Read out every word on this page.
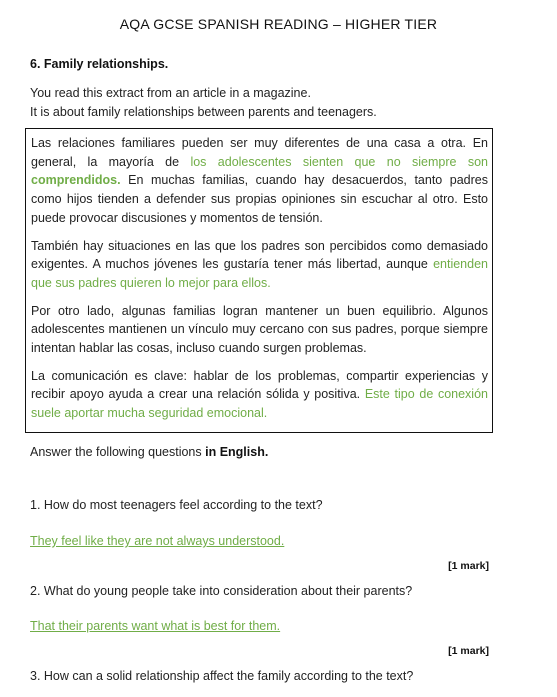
AQA GCSE SPANISH READING – HIGHER TIER
6. Family relationships.
You read this extract from an article in a magazine.
It is about family relationships between parents and teenagers.

Las relaciones familiares pueden ser muy diferentes de una casa a otra. En general, la mayoría de los adolescentes sienten que no siempre son comprendidos. En muchas familias, cuando hay desacuerdos, tanto padres como hijos tienden a defender sus propias opiniones sin escuchar al otro. Esto puede provocar discusiones y momentos de tensión.

También hay situaciones en las que los padres son percibidos como demasiado exigentes. A muchos jóvenes les gustaría tener más libertad, aunque entienden que sus padres quieren lo mejor para ellos.

Por otro lado, algunas familias logran mantener un buen equilibrio. Algunos adolescentes mantienen un vínculo muy cercano con sus padres, porque siempre intentan hablar las cosas, incluso cuando surgen problemas.

La comunicación es clave: hablar de los problemas, compartir experiencias y recibir apoyo ayuda a crear una relación sólida y positiva. Este tipo de conexión suele aportar mucha seguridad emocional.

Answer the following questions in English.
1. How do most teenagers feel according to the text?
They feel like they are not always understood.
[1 mark]
2. What do young people take into consideration about their parents?
That their parents want what is best for them.
[1 mark]
3. How can a solid relationship affect the family according to the text?
